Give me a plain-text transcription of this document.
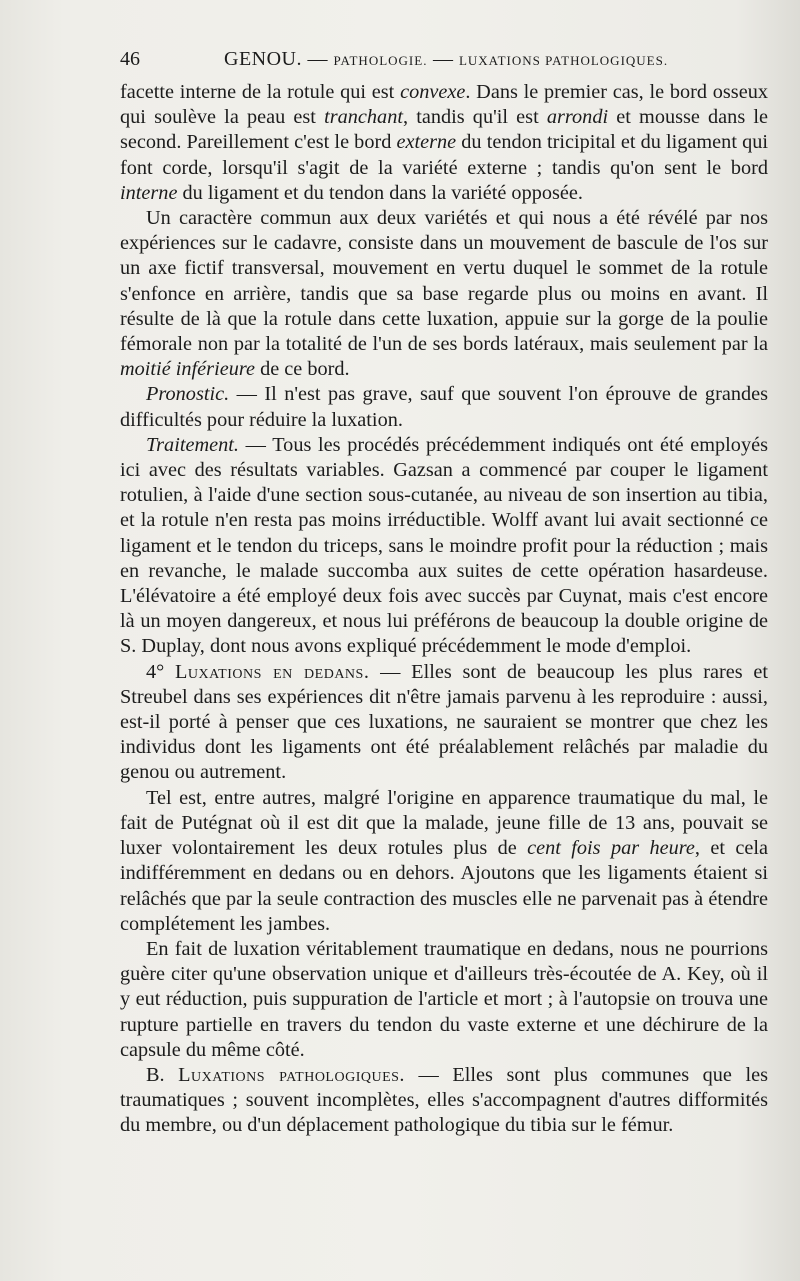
46	GENOU. — PATHOLOGIE. — LUXATIONS PATHOLOGIQUES.

facette interne de la rotule qui est convexe. Dans le premier cas, le bord osseux qui soulève la peau est tranchant, tandis qu'il est arrondi et mousse dans le second. Pareillement c'est le bord externe du tendon tricipital et du ligament qui font corde, lorsqu'il s'agit de la variété externe ; tandis qu'on sent le bord interne du ligament et du tendon dans la variété opposée.

Un caractère commun aux deux variétés et qui nous a été révélé par nos expériences sur le cadavre, consiste dans un mouvement de bascule de l'os sur un axe fictif transversal, mouvement en vertu duquel le sommet de la rotule s'enfonce en arrière, tandis que sa base regarde plus ou moins en avant. Il résulte de là que la rotule dans cette luxation, appuie sur la gorge de la poulie fémorale non par la totalité de l'un de ses bords latéraux, mais seulement par la moitié inférieure de ce bord.

Pronostic. — Il n'est pas grave, sauf que souvent l'on éprouve de grandes difficultés pour réduire la luxation.

Traitement. — Tous les procédés précédemment indiqués ont été employés ici avec des résultats variables. Gazsan a commencé par couper le ligament rotulien, à l'aide d'une section sous-cutanée, au niveau de son insertion au tibia, et la rotule n'en resta pas moins irréductible. Wolff avant lui avait sectionné ce ligament et le tendon du triceps, sans le moindre profit pour la réduction ; mais en revanche, le malade succomba aux suites de cette opération hasardeuse. L'élévatoire a été employé deux fois avec succès par Cuynat, mais c'est encore là un moyen dangereux, et nous lui préférons de beaucoup la double origine de S. Duplay, dont nous avons expliqué précédemment le mode d'emploi.

4° Luxations en dedans. — Elles sont de beaucoup les plus rares et Streubel dans ses expériences dit n'être jamais parvenu à les reproduire : aussi, est-il porté à penser que ces luxations, ne sauraient se montrer que chez les individus dont les ligaments ont été préalablement relâchés par maladie du genou ou autrement.

Tel est, entre autres, malgré l'origine en apparence traumatique du mal, le fait de Putégnat où il est dit que la malade, jeune fille de 13 ans, pouvait se luxer volontairement les deux rotules plus de cent fois par heure, et cela indifféremment en dedans ou en dehors. Ajoutons que les ligaments étaient si relâchés que par la seule contraction des muscles elle ne parvenait pas à étendre complétement les jambes.

En fait de luxation véritablement traumatique en dedans, nous ne pourrions guère citer qu'une observation unique et d'ailleurs très-écoutée de A. Key, où il y eut réduction, puis suppuration de l'article et mort ; à l'autopsie on trouva une rupture partielle en travers du tendon du vaste externe et une déchirure de la capsule du même côté.

B. Luxations pathologiques. — Elles sont plus communes que les traumatiques ; souvent incomplètes, elles s'accompagnent d'autres difformités du membre, ou d'un déplacement pathologique du tibia sur le fémur.
